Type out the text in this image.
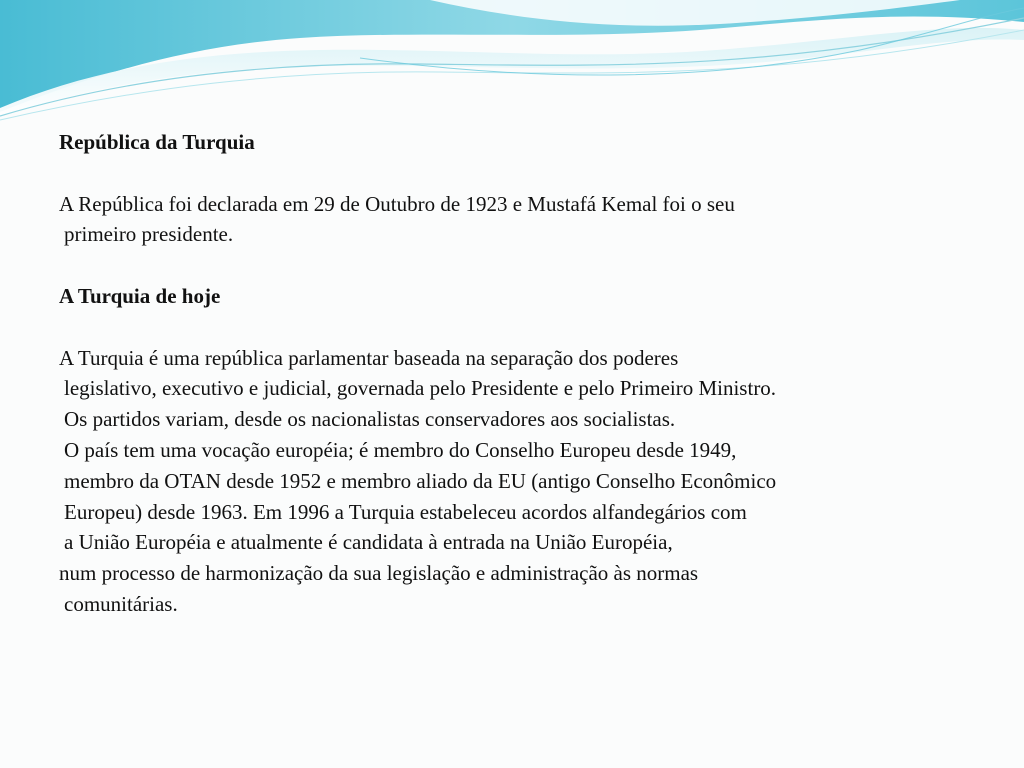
República da Turquia
A República foi declarada em 29 de Outubro de 1923 e Mustafá Kemal foi o seu
primeiro presidente.
A Turquia de hoje
A Turquia é uma república parlamentar baseada na separação dos poderes
legislativo, executivo e judicial, governada pelo Presidente e pelo Primeiro Ministro.
Os partidos variam, desde os nacionalistas conservadores aos socialistas.
O país tem uma vocação européia; é membro do Conselho Europeu desde 1949,
membro da OTAN desde 1952 e membro aliado da EU (antigo Conselho Econômico
Europeu) desde 1963. Em 1996 a Turquia estabeleceu acordos alfandegários com
a União Européia e atualmente é candidata à entrada na União Européia,
num processo de harmonização da sua legislação e administração às normas
comunitárias.
